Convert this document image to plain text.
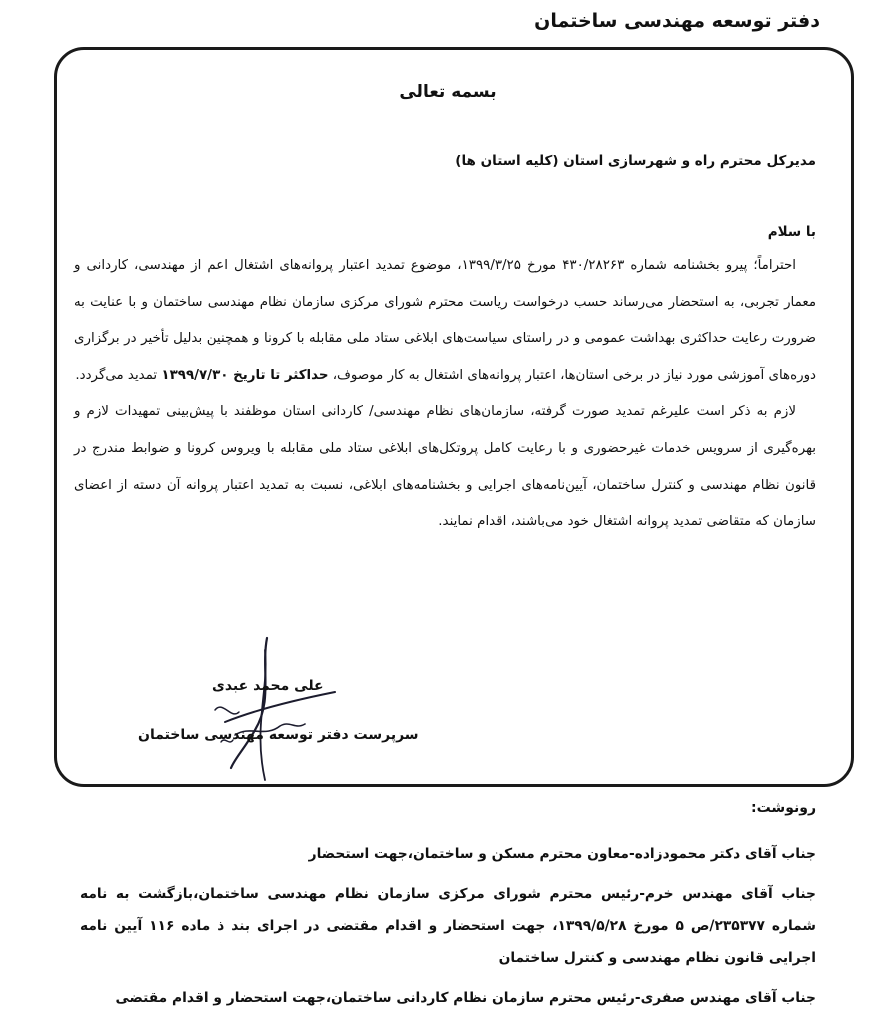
دفتر توسعه مهندسی ساختمان
بسمه تعالی

مدیرکل محترم راه و شهرسازی استان (کلیه استان ها)

با سلام

احتراماً؛ پیرو بخشنامه شماره ۴۳۰/۲۸۲۶۳ مورخ ۱۳۹۹/۳/۲۵، موضوع تمدید اعتبار پروانه‌های اشتغال اعم از مهندسی، کاردانی و معمار تجربی، به استحضار می‌رساند حسب درخواست ریاست محترم شورای مرکزی سازمان نظام مهندسی ساختمان و با عنایت به ضرورت رعایت حداکثری بهداشت عمومی و در راستای سیاست‌های ابلاغی ستاد ملی مقابله با کرونا و همچنین بدلیل تأخیر در برگزاری دوره‌های آموزشی مورد نیاز در برخی استان‌ها، اعتبار پروانه‌های اشتغال به کار موصوف، حداکثر تا تاریخ ۱۳۹۹/۷/۳۰ تمدید می‌گردد.

لازم به ذکر است علیرغم تمدید صورت گرفته، سازمان‌های نظام مهندسی/ کاردانی استان موظفند با پیش‌بینی تمهیدات لازم و بهره‌گیری از سرویس خدمات غیرحضوری و با رعایت کامل پروتکل‌های ابلاغی ستاد ملی مقابله با ویروس کرونا و ضوابط مندرج در قانون نظام مهندسی و کنترل ساختمان، آیین‌نامه‌های اجرایی و بخشنامه‌های ابلاغی، نسبت به تمدید اعتبار پروانه آن دسته از اعضای سازمان که متقاضی تمدید پروانه اشتغال خود می‌باشند، اقدام نمایند.

علی محمد عبدی

سرپرست دفتر توسعه مهندسی ساختمان

رونوشت:

جناب آقای دکتر محمودزاده-معاون محترم مسکن و ساختمان،جهت استحضار
جناب آقای مهندس خرم-رئیس محترم شورای مرکزی سازمان نظام مهندسی ساختمان،بازگشت به نامه شماره ۲۳۵۳۷۷/ص ۵ مورخ ۱۳۹۹/۵/۲۸، جهت استحضار و اقدام مقتضی در اجرای بند ذ ماده ۱۱۶ آیین نامه اجرایی قانون نظام مهندسی و کنترل ساختمان
جناب آقای مهندس صفری-رئیس محترم سازمان نظام کاردانی ساختمان،جهت استحضار و اقدام مقتضی
